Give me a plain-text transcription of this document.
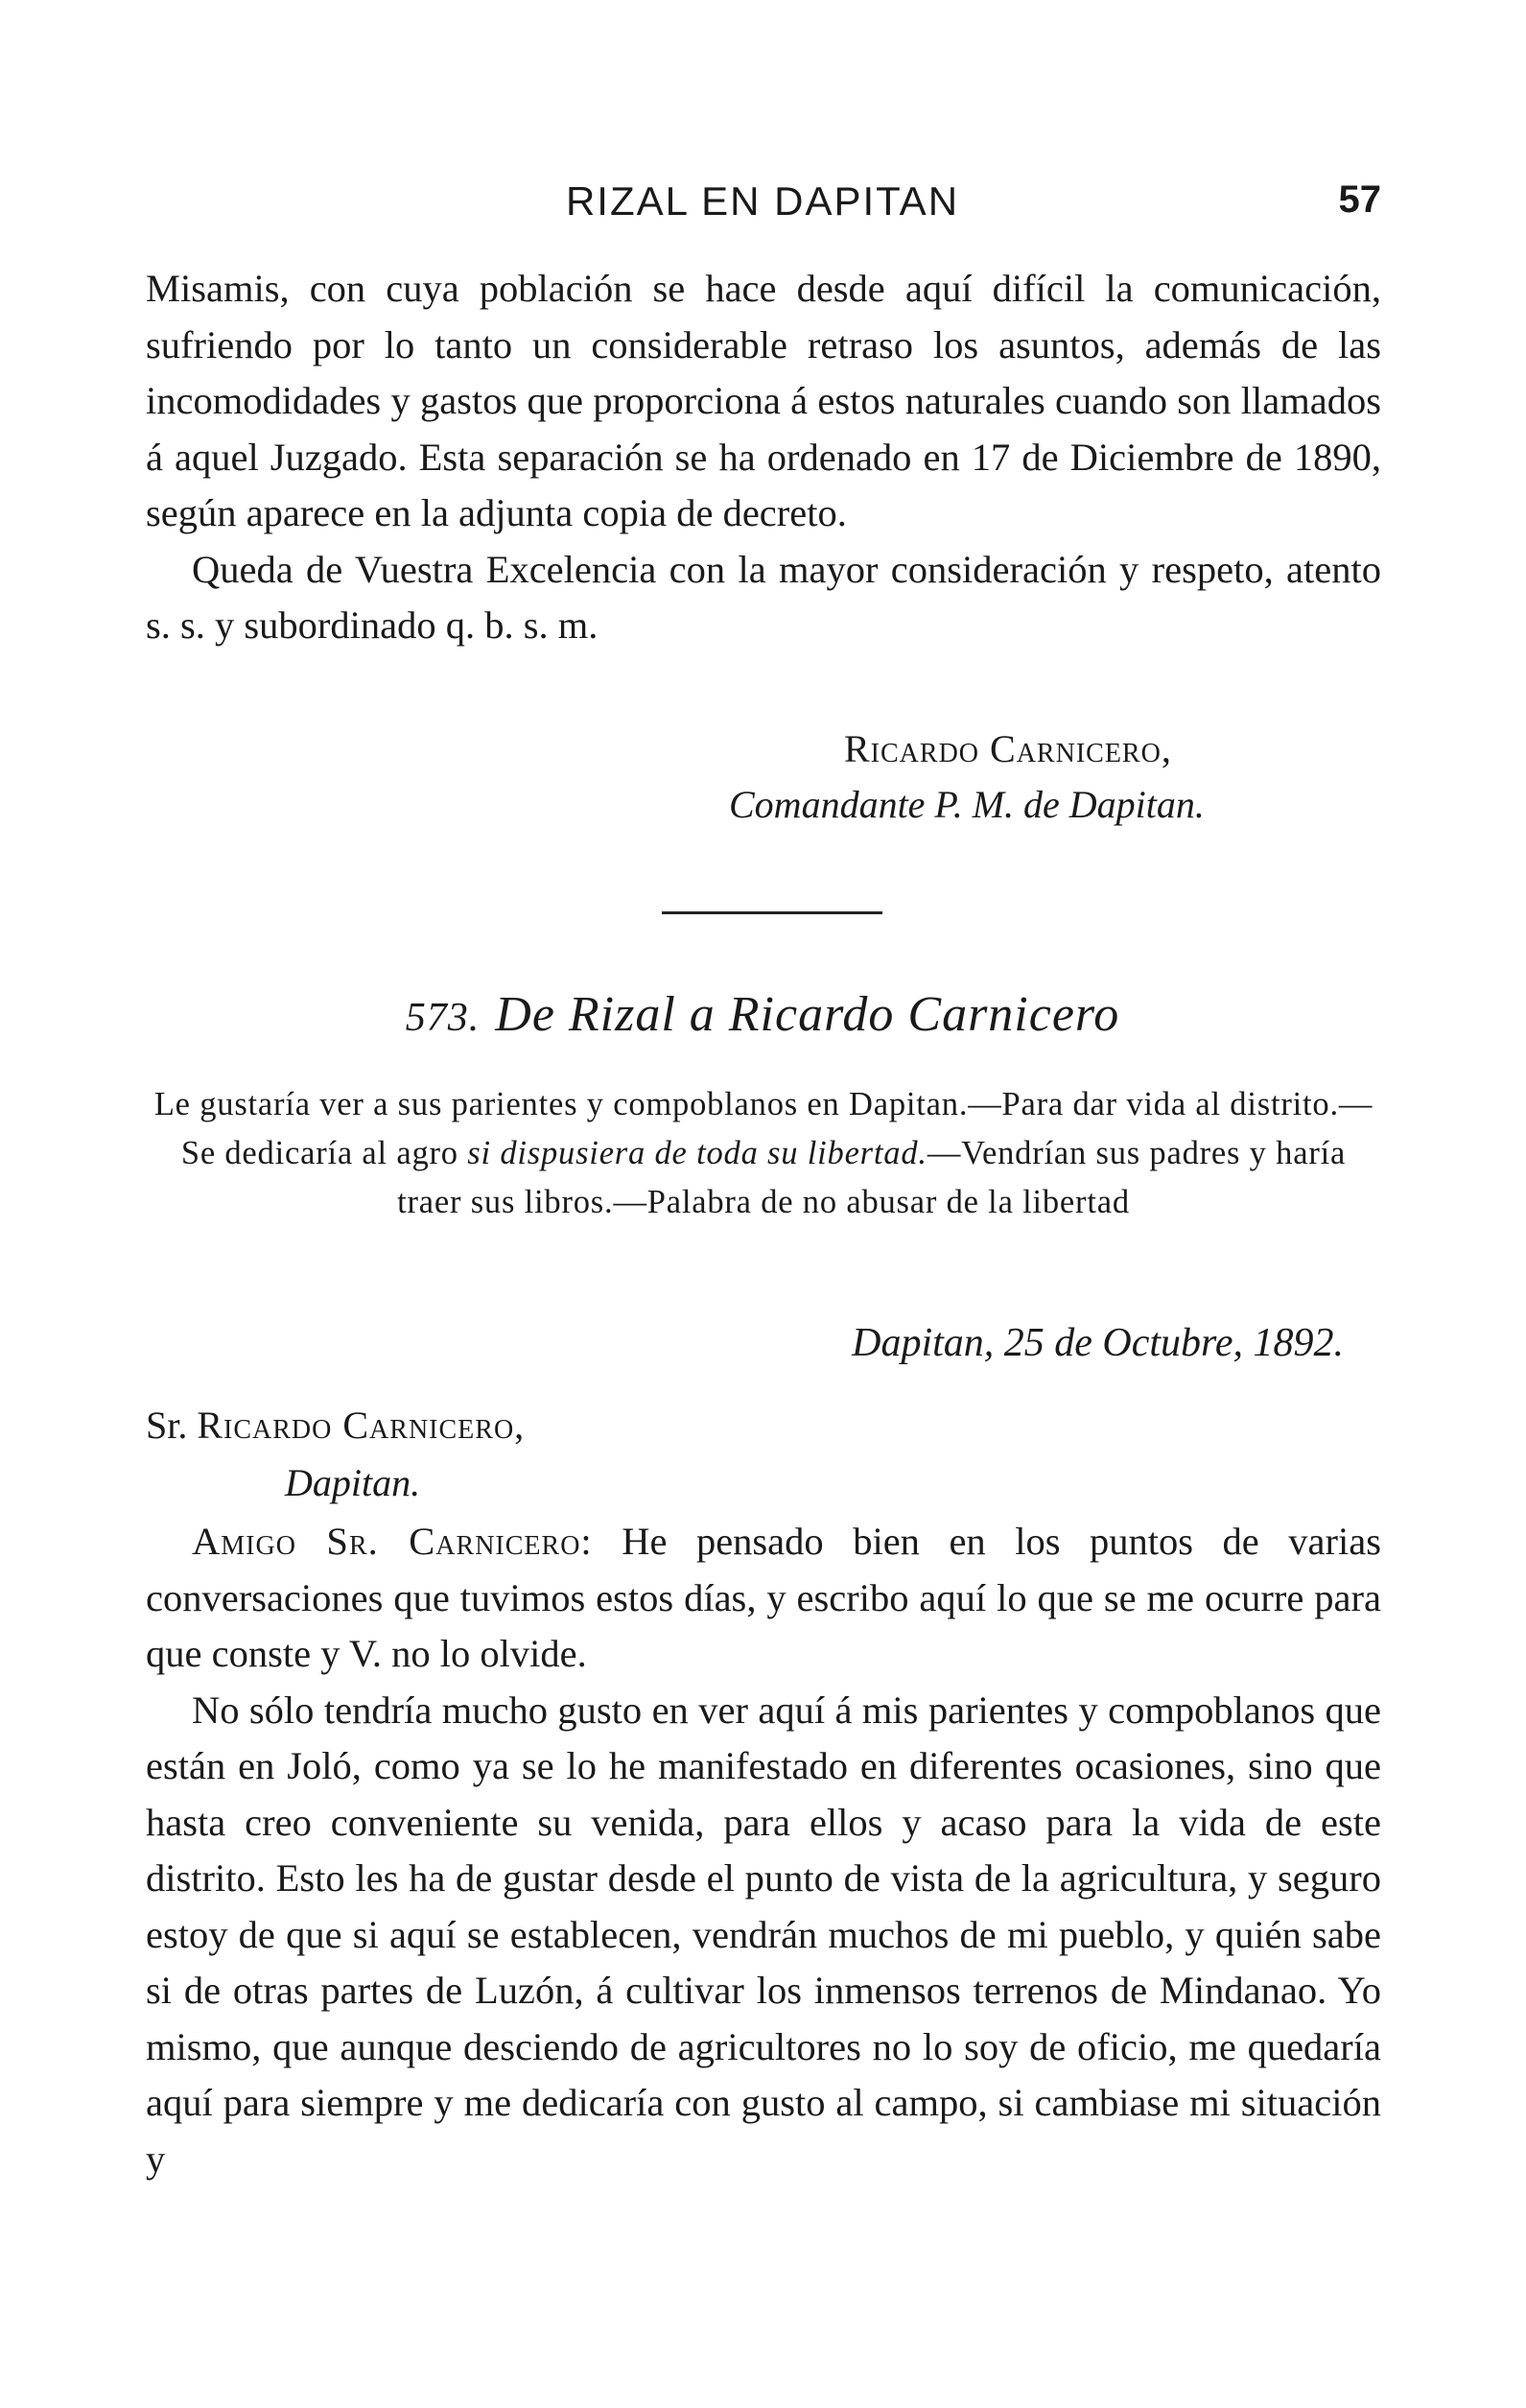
RIZAL EN DAPITAN	57

Misamis, con cuya población se hace desde aquí difícil la comunicación, sufriendo por lo tanto un considerable retraso los asuntos, además de las incomodidades y gastos que proporciona á estos naturales cuando son llamados á aquel Juzgado. Esta separación se ha ordenado en 17 de Diciembre de 1890, según aparece en la adjunta copia de decreto.

Queda de Vuestra Excelencia con la mayor consideración y respeto, atento s. s. y subordinado q. b. s. m.

Ricardo Carnicero,
Comandante P. M. de Dapitan.
573. De Rizal a Ricardo Carnicero
Le gustaría ver a sus parientes y compoblanos en Dapitan.—Para dar vida al distrito.—Se dedicaría al agro si dispusiera de toda su libertad.—Vendrían sus padres y haría traer sus libros.—Palabra de no abusar de la libertad
Dapitan, 25 de Octubre, 1892.
Sr. Ricardo Carnicero,
Dapitan.

Amigo Sr. Carnicero: He pensado bien en los puntos de varias conversaciones que tuvimos estos días, y escribo aquí lo que se me ocurre para que conste y V. no lo olvide.

No sólo tendría mucho gusto en ver aquí á mis parientes y compoblanos que están en Joló, como ya se lo he manifestado en diferentes ocasiones, sino que hasta creo conveniente su venida, para ellos y acaso para la vida de este distrito. Esto les ha de gustar desde el punto de vista de la agricultura, y seguro estoy de que si aquí se establecen, vendrán muchos de mi pueblo, y quién sabe si de otras partes de Luzón, á cultivar los inmensos terrenos de Mindanao. Yo mismo, que aunque desciendo de agricultores no lo soy de oficio, me quedaría aquí para siempre y me dedicaría con gusto al campo, si cambiase mi situación y
